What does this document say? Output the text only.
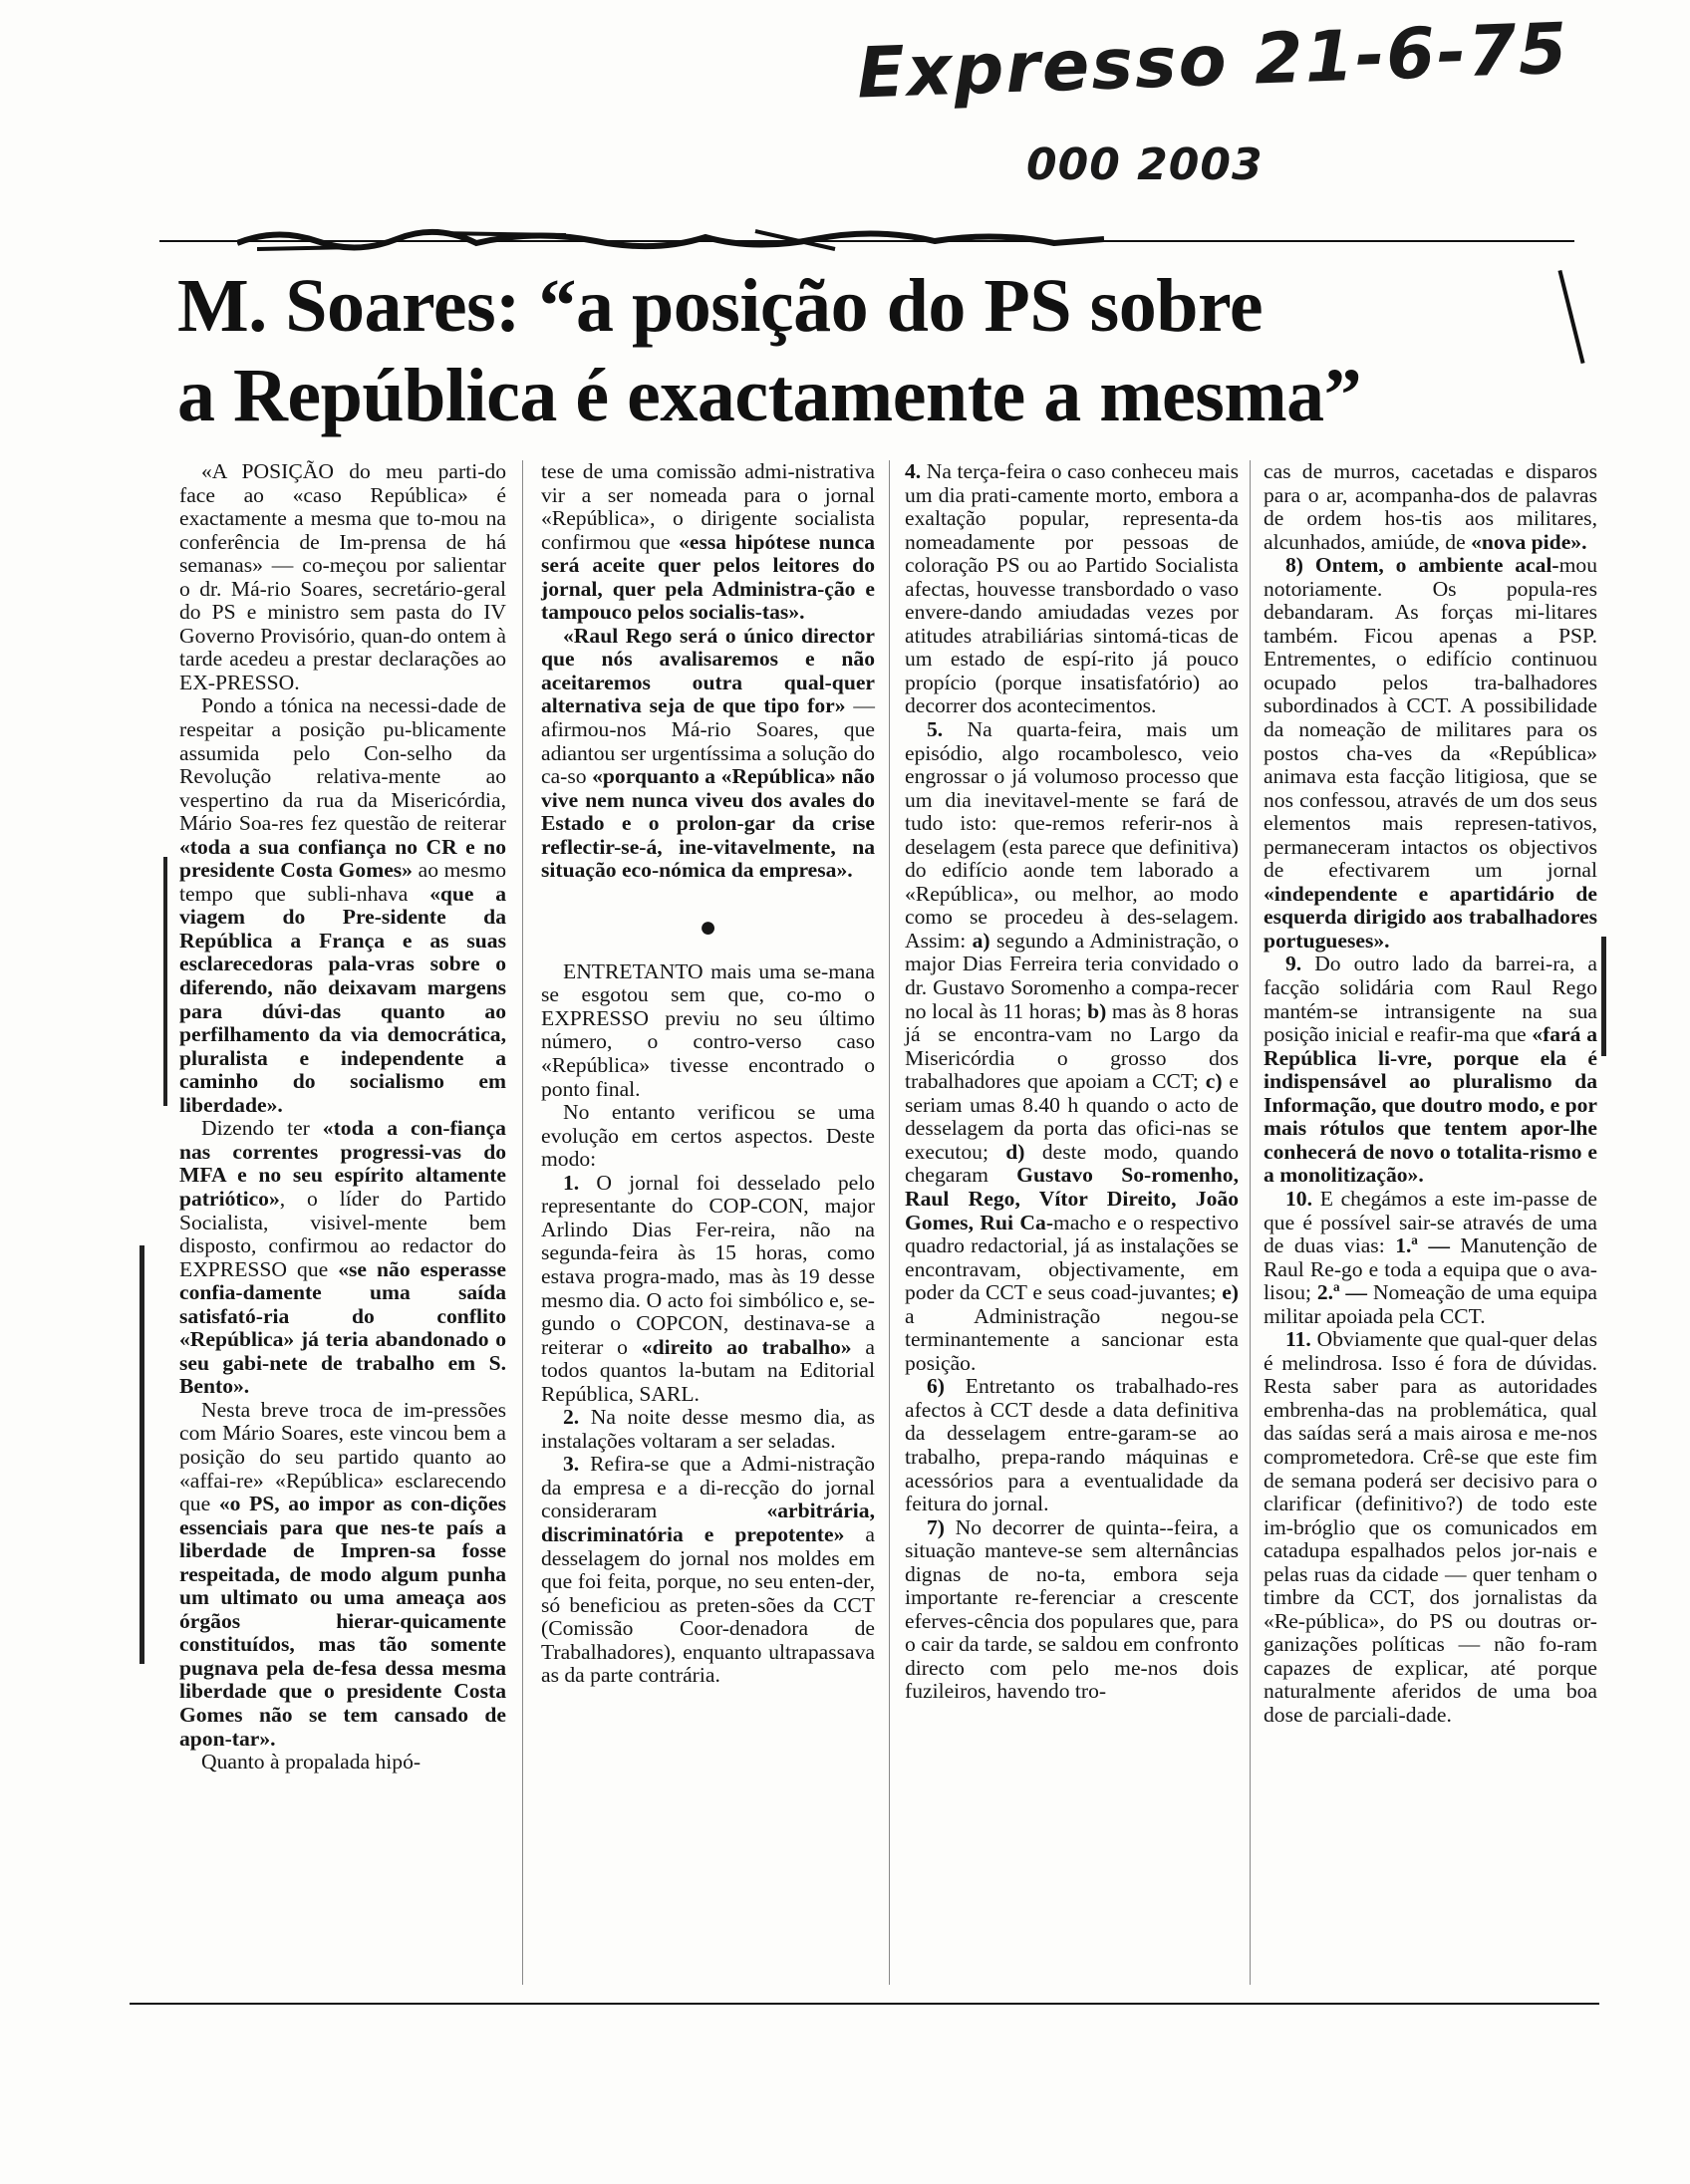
Expresso 21-6-75
000 2003
M. Soares: “a posição do PS sobre
a República é exactamente a mesma”

«A POSIÇÃO do meu parti-do face ao «caso República» é exactamente a mesma que to-mou na conferência de Im-prensa de há semanas» — co-meçou por salientar o dr. Má-rio Soares, secretário-geral do PS e ministro sem pasta do IV Governo Provisório, quan-do ontem à tarde acedeu a prestar declarações ao EX-PRESSO.

Pondo a tónica na necessi-dade de respeitar a posição pu-blicamente assumida pelo Con-selho da Revolução relativa-mente ao vespertino da rua da Misericórdia, Mário Soa-res fez questão de reiterar «toda a sua confiança no CR e no presidente Costa Gomes» ao mesmo tempo que subli-nhava «que a viagem do Pre-sidente da República a França e as suas esclarecedoras pala-vras sobre o diferendo, não deixavam margens para dúvi-das quanto ao perfilhamento da via democrática, pluralista e independente a caminho do socialismo em liberdade».

Dizendo ter «toda a con-fiança nas correntes progressi-vas do MFA e no seu espírito altamente patriótico», o líder do Partido Socialista, visivel-mente bem disposto, confirmou ao redactor do EXPRESSO que «se não esperasse confia-damente uma saída satisfató-ria do conflito «República» já teria abandonado o seu gabi-nete de trabalho em S. Bento».

Nesta breve troca de im-pressões com Mário Soares, este vincou bem a posição do seu partido quanto ao «affai-re» «República» esclarecendo que «o PS, ao impor as con-dições essenciais para que nes-te país a liberdade de Impren-sa fosse respeitada, de modo algum punha um ultimato ou uma ameaça aos órgãos hierar-quicamente constituídos, mas tão somente pugnava pela de-fesa dessa mesma liberdade que o presidente Costa Gomes não se tem cansado de apon-tar».

Quanto à propalada hipó-

tese de uma comissão admi-nistrativa vir a ser nomeada para o jornal «República», o dirigente socialista confirmou que «essa hipótese nunca será aceite quer pelos leitores do jornal, quer pela Administra-ção e tampouco pelos socialis-tas».

«Raul Rego será o único director que nós avalisaremos e não aceitaremos outra qual-quer alternativa seja de que tipo for» — afirmou-nos Má-rio Soares, que adiantou ser urgentíssima a solução do ca-so «porquanto a «República» não vive nem nunca viveu dos avales do Estado e o prolon-gar da crise reflectir-se-á, ine-vitavelmente, na situação eco-nómica da empresa».

●

ENTRETANTO mais uma se-mana se esgotou sem que, co-mo o EXPRESSO previu no seu último número, o contro-verso caso «República» tivesse encontrado o ponto final.

No entanto verificou se uma evolução em certos aspectos. Deste modo:

1. O jornal foi desselado pelo representante do COP-CON, major Arlindo Dias Fer-reira, não na segunda-feira às 15 horas, como estava progra-mado, mas às 19 desse mesmo dia. O acto foi simbólico e, se-gundo o COPCON, destinava-se a reiterar o «direito ao trabalho» a todos quantos la-butam na Editorial República, SARL.

2. Na noite desse mesmo dia, as instalações voltaram a ser seladas.

3. Refira-se que a Admi-nistração da empresa e a di-recção do jornal consideraram «arbitrária, discriminatória e prepotente» a desselagem do jornal nos moldes em que foi feita, porque, no seu enten-der, só beneficiou as preten-sões da CCT (Comissão Coor-denadora de Trabalhadores), enquanto ultrapassava as da parte contrária.

4. Na terça-feira o caso conheceu mais um dia prati-camente morto, embora a exaltação popular, representa-da nomeadamente por pessoas de coloração PS ou ao Partido Socialista afectas, houvesse transbordado o vaso envere-dando amiudadas vezes por atitudes atrabiliárias sintomá-ticas de um estado de espí-rito já pouco propício (porque insatisfatório) ao decorrer dos acontecimentos.

5. Na quarta-feira, mais um episódio, algo rocambolesco, veio engrossar o já volumoso processo que um dia inevitavel-mente se fará de tudo isto: que-remos referir-nos à deselagem (esta parece que definitiva) do edifício aonde tem laborado a «República», ou melhor, ao modo como se procedeu à des-selagem. Assim: a) segundo a Administração, o major Dias Ferreira teria convidado o dr. Gustavo Soromenho a compa-recer no local às 11 horas; b) mas às 8 horas já se encontra-vam no Largo da Misericórdia o grosso dos trabalhadores que apoiam a CCT; c) e seriam umas 8.40 h quando o acto de desselagem da porta das ofici-nas se executou; d) deste modo, quando chegaram Gustavo So-romenho, Raul Rego, Vítor Direito, João Gomes, Rui Ca-macho e o respectivo quadro redactorial, já as instalações se encontravam, objectivamente, em poder da CCT e seus coad-juvantes; e) a Administração negou-se terminantemente a sancionar esta posição.

6) Entretanto os trabalhado-res afectos à CCT desde a data definitiva da desselagem entre-garam-se ao trabalho, prepa-rando máquinas e acessórios para a eventualidade da feitura do jornal.

7) No decorrer de quinta--feira, a situação manteve-se sem alternâncias dignas de no-ta, embora seja importante re-ferenciar a crescente eferves-cência dos populares que, para o cair da tarde, se saldou em confronto directo com pelo me-nos dois fuzileiros, havendo tro-

cas de murros, cacetadas e disparos para o ar, acompanha-dos de palavras de ordem hos-tis aos militares, alcunhados, amiúde, de «nova pide».

8) Ontem, o ambiente acal-mou notoriamente. Os popula-res debandaram. As forças mi-litares também. Ficou apenas a PSP. Entrementes, o edifício continuou ocupado pelos tra-balhadores subordinados à CCT. A possibilidade da nomeação de militares para os postos cha-ves da «República» animava esta facção litigiosa, que se nos confessou, através de um dos seus elementos mais represen-tativos, permaneceram intactos os objectivos de efectivarem um jornal «independente e apartidário de esquerda dirigido aos trabalhadores portugueses».

9. Do outro lado da barrei-ra, a facção solidária com Raul Rego mantém-se intransigente na sua posição inicial e reafir-ma que «fará a República li-vre, porque ela é indispensável ao pluralismo da Informação, que doutro modo, e por mais rótulos que tentem apor-lhe conhecerá de novo o totalita-rismo e a monolitização».

10. E chegámos a este im-passe de que é possível sair-se através de uma de duas vias: 1.ª — Manutenção de Raul Re-go e toda a equipa que o ava-lisou; 2.ª — Nomeação de uma equipa militar apoiada pela CCT.

11. Obviamente que qual-quer delas é melindrosa. Isso é fora de dúvidas. Resta saber para as autoridades embrenha-das na problemática, qual das saídas será a mais airosa e me-nos comprometedora. Crê-se que este fim de semana poderá ser decisivo para o clarificar (definitivo?) de todo este im-bróglio que os comunicados em catadupa espalhados pelos jor-nais e pelas ruas da cidade — quer tenham o timbre da CCT, dos jornalistas da «Re-pública», do PS ou doutras or-ganizações políticas — não fo-ram capazes de explicar, até porque naturalmente aferidos de uma boa dose de parciali-dade.
